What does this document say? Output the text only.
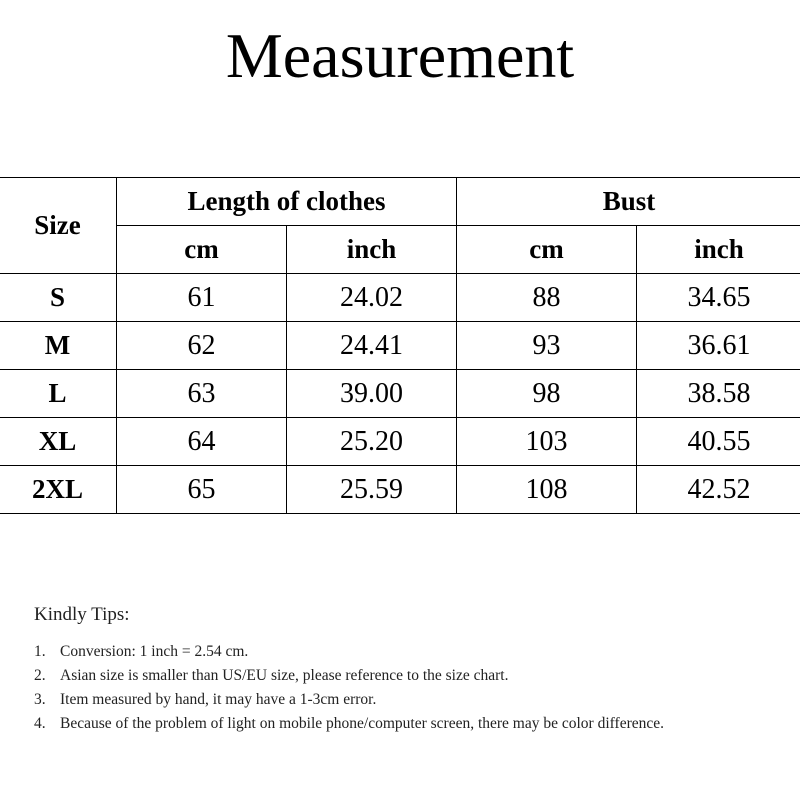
Measurement
Size	Length of clothes		Bust	
	cm	inch	cm	inch
S	61	24.02	88	34.65
M	62	24.41	93	36.61
L	63	39.00	98	38.58
XL	64	25.20	103	40.55
2XL	65	25.59	108	42.52

Kindly Tips:

1. Conversion: 1 inch = 2.54 cm.
2. Asian size is smaller than US/EU size, please reference to the size chart.
3. Item measured by hand, it may have a 1-3cm error.
4. Because of the problem of light on mobile phone/computer screen, there may be color difference.
